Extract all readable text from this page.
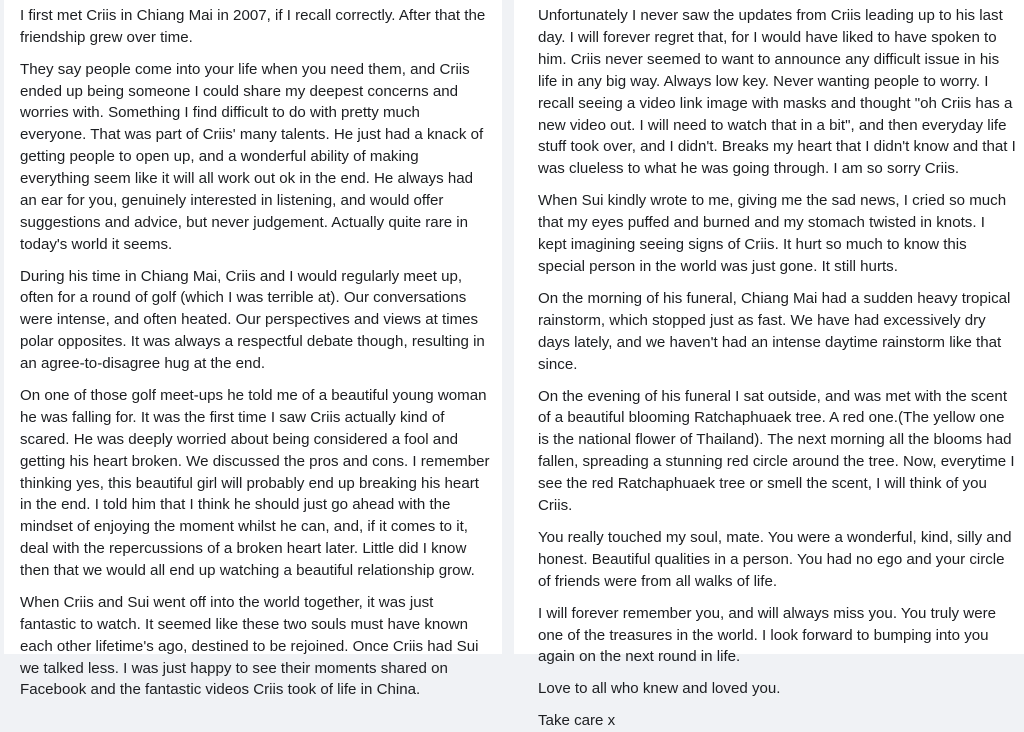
I first met Criis in Chiang Mai in 2007, if I recall correctly. After that the friendship grew over time.

They say people come into your life when you need them, and Criis ended up being someone I could share my deepest concerns and worries with. Something I find difficult to do with pretty much everyone. That was part of Criis' many talents. He just had a knack of getting people to open up, and a wonderful ability of making everything seem like it will all work out ok in the end. He always had an ear for you, genuinely interested in listening, and would offer suggestions and advice, but never judgement. Actually quite rare in today's world it seems.

During his time in Chiang Mai, Criis and I would regularly meet up, often for a round of golf (which I was terrible at). Our conversations were intense, and often heated. Our perspectives and views at times polar opposites. It was always a respectful debate though, resulting in an agree-to-disagree hug at the end.

On one of those golf meet-ups he told me of a beautiful young woman he was falling for. It was the first time I saw Criis actually kind of scared. He was deeply worried about being considered a fool and getting his heart broken. We discussed the pros and cons. I remember thinking yes, this beautiful girl will probably end up breaking his heart in the end. I told him that I think he should just go ahead with the mindset of enjoying the moment whilst he can, and, if it comes to it, deal with the repercussions of a broken heart later. Little did I know then that we would all end up watching a beautiful relationship grow.

When Criis and Sui went off into the world together, it was just fantastic to watch. It seemed like these two souls must have known each other lifetime's ago, destined to be rejoined. Once Criis had Sui we talked less. I was just happy to see their moments shared on Facebook and the fantastic videos Criis took of life in China.

Unfortunately I never saw the updates from Criis leading up to his last day. I will forever regret that, for I would have liked to have spoken to him. Criis never seemed to want to announce any difficult issue in his life in any big way. Always low key. Never wanting people to worry. I recall seeing a video link image with masks and thought "oh Criis has a new video out. I will need to watch that in a bit", and then everyday life stuff took over, and I didn't. Breaks my heart that I didn't know and that I was clueless to what he was going through. I am so sorry Criis.

When Sui kindly wrote to me, giving me the sad news, I cried so much that my eyes puffed and burned and my stomach twisted in knots. I kept imagining seeing signs of Criis. It hurt so much to know this special person in the world was just gone. It still hurts.

On the morning of his funeral, Chiang Mai had a sudden heavy tropical rainstorm, which stopped just as fast. We have had excessively dry days lately, and we haven't had an intense daytime rainstorm like that since.

On the evening of his funeral I sat outside, and was met with the scent of a beautiful blooming Ratchaphuaek tree. A red one.(The yellow one is the national flower of Thailand). The next morning all the blooms had fallen, spreading a stunning red circle around the tree. Now, everytime I see the red Ratchaphuaek tree or smell the scent, I will think of you Criis.

You really touched my soul, mate. You were a wonderful, kind, silly and honest. Beautiful qualities in a person. You had no ego and your circle of friends were from all walks of life.

I will forever remember you, and will always miss you. You truly were one of the treasures in the world. I look forward to bumping into you again on the next round in life.

Love to all who knew and loved you.

Take care x
